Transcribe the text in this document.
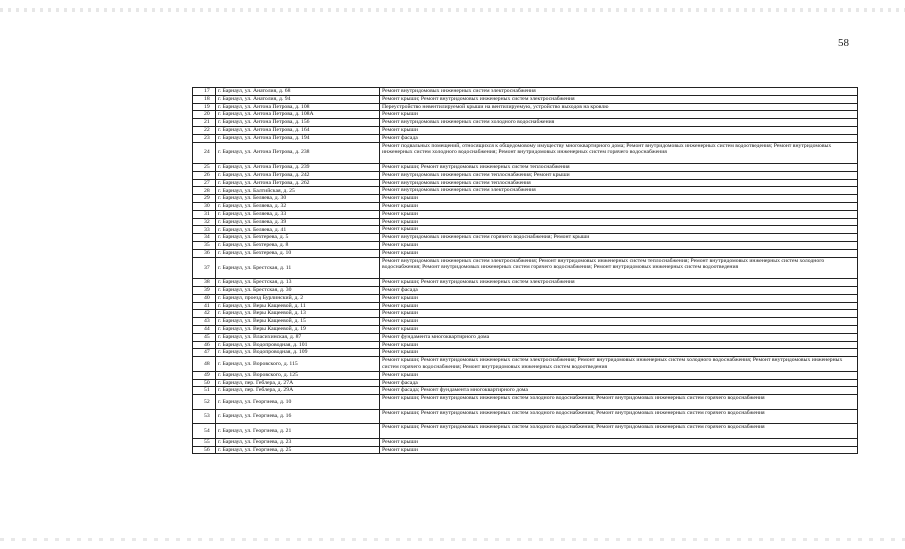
58
17	г. Барнаул, ул. Анатолия, д. 68	Ремонт внутридомовых инженерных систем электроснабжения
18	г. Барнаул, ул. Анатолия, д. 94	Ремонт крыши; Ремонт внутридомовых инженерных систем электроснабжения
19	г. Барнаул, ул. Антона Петрова, д. 108	Переустройство невентилируемой крыши на вентилируемую, устройство выходов на кровлю
20	г. Барнаул, ул. Антона Петрова, д. 108А	Ремонт крыши
21	г. Барнаул, ул. Антона Петрова, д. 156	Ремонт внутридомовых инженерных систем холодного водоснабжения
22	г. Барнаул, ул. Антона Петрова, д. 164	Ремонт крыши
23	г. Барнаул, ул. Антона Петрова, д. 194	Ремонт фасада
24	г. Барнаул, ул. Антона Петрова, д. 238	Ремонт подвальных помещений, относящихся к общедомовому имуществу многоквартирного дома; Ремонт внутридомовых инженерных систем водоотведения; Ремонт внутридомовых инженерных систем холодного водоснабжения; Ремонт внутридомовых инженерных систем горячего водоснабжения
25	г. Барнаул, ул. Антона Петрова, д. 239	Ремонт крыши; Ремонт внутридомовых инженерных систем теплоснабжения
26	г. Барнаул, ул. Антона Петрова, д. 242	Ремонт внутридомовых инженерных систем теплоснабжения; Ремонт крыши
27	г. Барнаул, ул. Антона Петрова, д. 262	Ремонт внутридомовых инженерных систем теплоснабжения
28	г. Барнаул, ул. Балтийская, д. 25	Ремонт внутридомовых инженерных систем электроснабжения
29	г. Барнаул, ул. Беляева, д. 30	Ремонт крыши
30	г. Барнаул, ул. Беляева, д. 32	Ремонт крыши
31	г. Барнаул, ул. Беляева, д. 33	Ремонт крыши
32	г. Барнаул, ул. Беляева, д. 39	Ремонт крыши
33	г. Барнаул, ул. Беляева, д. 41	Ремонт крыши
34	г. Барнаул, ул. Бехтерева, д. 5	Ремонт внутридомовых инженерных систем горячего водоснабжения; Ремонт крыши
35	г. Барнаул, ул. Бехтерева, д. 8	Ремонт крыши
36	г. Барнаул, ул. Бехтерева, д. 10	Ремонт крыши
37	г. Барнаул, ул. Брестская, д. 11	Ремонт внутридомовых инженерных систем электроснабжения; Ремонт внутридомовых инженерных систем теплоснабжения; Ремонт внутридомовых инженерных систем холодного водоснабжения; Ремонт внутридомовых инженерных систем горячего водоснабжения; Ремонт внутридомовых инженерных систем водоотведения
38	г. Барнаул, ул. Брестская, д. 13	Ремонт крыши; Ремонт внутридомовых инженерных систем электроснабжения
39	г. Барнаул, ул. Брестская, д. 30	Ремонт фасада
40	г. Барнаул, проезд Бурлинский, д. 2	Ремонт крыши
41	г. Барнаул, ул. Веры Кащеевой, д. 11	Ремонт крыши
42	г. Барнаул, ул. Веры Кащеевой, д. 13	Ремонт крыши
43	г. Барнаул, ул. Веры Кащеевой, д. 15	Ремонт крыши
44	г. Барнаул, ул. Веры Кащеевой, д. 19	Ремонт крыши
45	г. Барнаул, ул. Власихинская, д. 87	Ремонт фундамента многоквартирного дома
46	г. Барнаул, ул. Водопроводная, д. 101	Ремонт крыши
47	г. Барнаул, ул. Водопроводная, д. 109	Ремонт крыши
48	г. Барнаул, ул. Воровского, д. 115	Ремонт крыши; Ремонт внутридомовых инженерных систем электроснабжения; Ремонт внутридомовых инженерных систем холодного водоснабжения; Ремонт внутридомовых инженерных систем горячего водоснабжения; Ремонт внутридомовых инженерных систем водоотведения
49	г. Барнаул, ул. Воровского, д. 125	Ремонт крыши
50	г. Барнаул, пер. Геблера, д. 27А	Ремонт фасада
51	г. Барнаул, пер. Геблера, д. 29А	Ремонт фасада; Ремонт фундамента многоквартирного дома
52	г. Барнаул, ул. Георгиева, д. 10	Ремонт крыши; Ремонт внутридомовых инженерных систем холодного водоснабжения; Ремонт внутридомовых инженерных систем горячего водоснабжения
53	г. Барнаул, ул. Георгиева, д. 16	Ремонт крыши; Ремонт внутридомовых инженерных систем холодного водоснабжения; Ремонт внутридомовых инженерных систем горячего водоснабжения
54	г. Барнаул, ул. Георгиева, д. 21	Ремонт крыши; Ремонт внутридомовых инженерных систем холодного водоснабжения; Ремонт внутридомовых инженерных систем горячего водоснабжения
55	г. Барнаул, ул. Георгиева, д. 23	Ремонт крыши
56	г. Барнаул, ул. Георгиева, д. 25	Ремонт крыши
